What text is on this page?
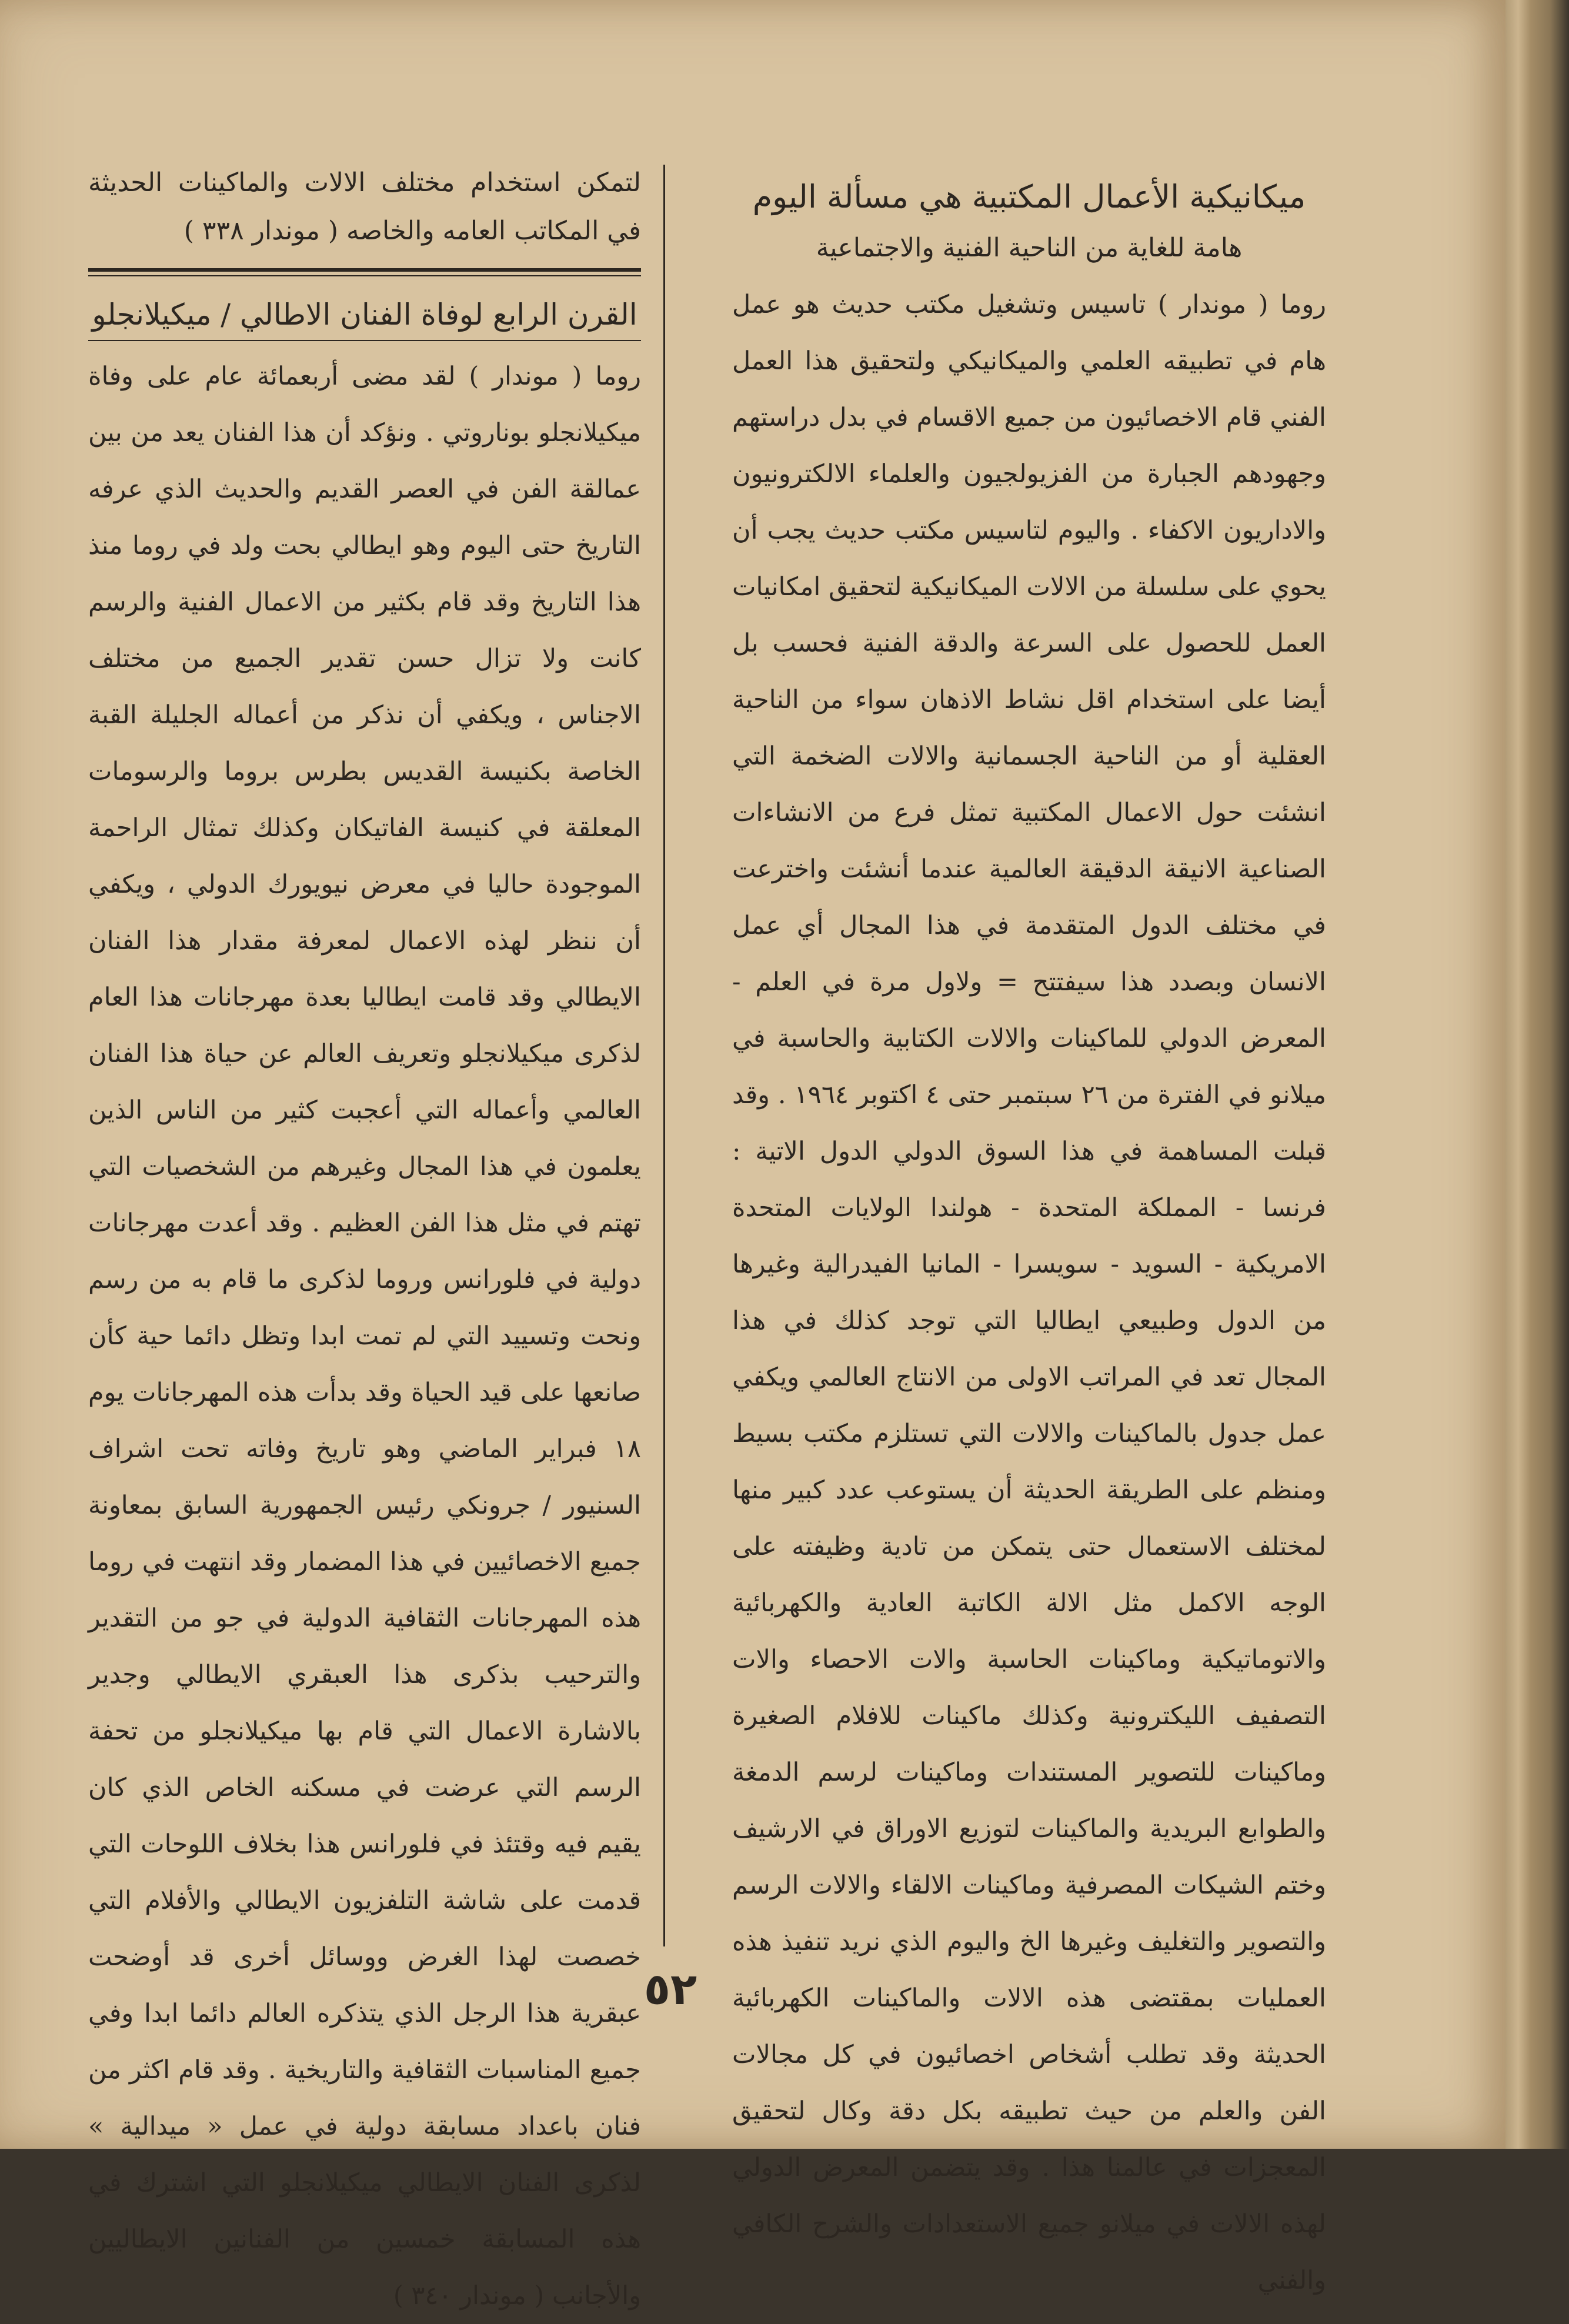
ميكانيكية الأعمال المكتبية هي مسألة اليوم

هامة للغاية من الناحية الفنية والاجتماعية

روما ( موندار ) تاسيس وتشغيل مكتب حديث هو عمل هام في تطبيقه العلمي والميكانيكي ولتحقيق هذا العمل الفني قام الاخصائيون من جميع الاقسام في بدل دراستهم وجهودهم الجبارة من الفزيولجيون والعلماء الالكترونيون والاداريون الاكفاء . واليوم لتاسيس مكتب حديث يجب أن يحوي على سلسلة من الالات الميكانيكية لتحقيق امكانيات العمل للحصول على السرعة والدقة الفنية فحسب بل أيضا على استخدام اقل نشاط الاذهان سواء من الناحية العقلية أو من الناحية الجسمانية والالات الضخمة التي انشئت حول الاعمال المكتبية تمثل فرع من الانشاءات الصناعية الانيقة الدقيقة العالمية عندما أنشئت واخترعت في مختلف الدول المتقدمة في هذا المجال أي عمل الانسان وبصدد هذا سيفتتح = ولاول مرة في العلم - المعرض الدولي للماكينات والالات الكتابية والحاسبة في ميلانو في الفترة من ٢٦ سبتمبر حتى ٤ اكتوبر ١٩٦٤ . وقد قبلت المساهمة في هذا السوق الدولي الدول الاتية : فرنسا - المملكة المتحدة - هولندا الولايات المتحدة الامريكية - السويد - سويسرا - المانيا الفيدرالية وغيرها من الدول وطبيعي ايطاليا التي توجد كذلك في هذا المجال تعد في المراتب الاولى من الانتاج العالمي ويكفي عمل جدول بالماكينات والالات التي تستلزم مكتب بسيط ومنظم على الطريقة الحديثة أن يستوعب عدد كبير منها لمختلف الاستعمال حتى يتمكن من تادية وظيفته على الوجه الاكمل مثل الالة الكاتبة العادية والكهربائية والاتوماتيكية وماكينات الحاسبة والات الاحصاء والات التصفيف الليكترونية وكذلك ماكينات للافلام الصغيرة وماكينات للتصوير المستندات وماكينات لرسم الدمغة والطوابع البريدية والماكينات لتوزيع الاوراق في الارشيف وختم الشيكات المصرفية وماكينات الالقاء والالات الرسم والتصوير والتغليف وغيرها الخ واليوم الذي نريد تنفيذ هذه العمليات بمقتضى هذه الالات والماكينات الكهربائية الحديثة وقد تطلب أشخاص اخصائيون في كل مجالات الفن والعلم من حيث تطبيقه بكل دقة وكال لتحقيق المعجزات في عالمنا هذا . وقد يتضمن المعرض الدولي لهذه الالات في ميلانو جميع الاستعدادات والشرح الكافي والفني

لتمكن استخدام مختلف الالات والماكينات الحديثة في المكاتب العامه والخاصه ( موندار ٣٣٨ )

القرن الرابع لوفاة الفنان الاطالي / ميكيلانجلو

روما ( موندار ) لقد مضى أربعمائة عام على وفاة ميكيلانجلو بوناروتي . ونؤكد أن هذا الفنان يعد من بين عمالقة الفن في العصر القديم والحديث الذي عرفه التاريخ حتى اليوم وهو ايطالي بحت ولد في روما منذ هذا التاريخ وقد قام بكثير من الاعمال الفنية والرسم كانت ولا تزال حسن تقدير الجميع من مختلف الاجناس ، ويكفي أن نذكر من أعماله الجليلة القبة الخاصة بكنيسة القديس بطرس بروما والرسومات المعلقة في كنيسة الفاتيكان وكذلك تمثال الراحمة الموجودة حاليا في معرض نيويورك الدولي ، ويكفي أن ننظر لهذه الاعمال لمعرفة مقدار هذا الفنان الايطالي وقد قامت ايطاليا بعدة مهرجانات هذا العام لذكرى ميكيلانجلو وتعريف العالم عن حياة هذا الفنان العالمي وأعماله التي أعجبت كثير من الناس الذين يعلمون في هذا المجال وغيرهم من الشخصيات التي تهتم في مثل هذا الفن العظيم . وقد أعدت مهرجانات دولية في فلورانس وروما لذكرى ما قام به من رسم ونحت وتسييد التي لم تمت ابدا وتظل دائما حية كأن صانعها على قيد الحياة وقد بدأت هذه المهرجانات يوم ١٨ فبراير الماضي وهو تاريخ وفاته تحت اشراف السنيور / جرونكي رئيس الجمهورية السابق بمعاونة جميع الاخصائيين في هذا المضمار وقد انتهت في روما هذه المهرجانات الثقافية الدولية في جو من التقدير والترحيب بذكرى هذا العبقري الايطالي وجدير بالاشارة الاعمال التي قام بها ميكيلانجلو من تحفة الرسم التي عرضت في مسكنه الخاص الذي كان يقيم فيه وقتئذ في فلورانس هذا بخلاف اللوحات التي قدمت على شاشة التلفزيون الايطالي والأفلام التي خصصت لهذا الغرض ووسائل أخرى قد أوضحت عبقرية هذا الرجل الذي يتذكره العالم دائما ابدا وفي جميع المناسبات الثقافية والتاريخية . وقد قام اكثر من فنان باعداد مسابقة دولية في عمل « ميدالية » لذكرى الفنان الايطالي ميكيلانجلو التي اشترك في هذه المسابقة خمسين من الفنانين الايطاليين والأجانب ( موندار ٣٤٠ )

٥٢
